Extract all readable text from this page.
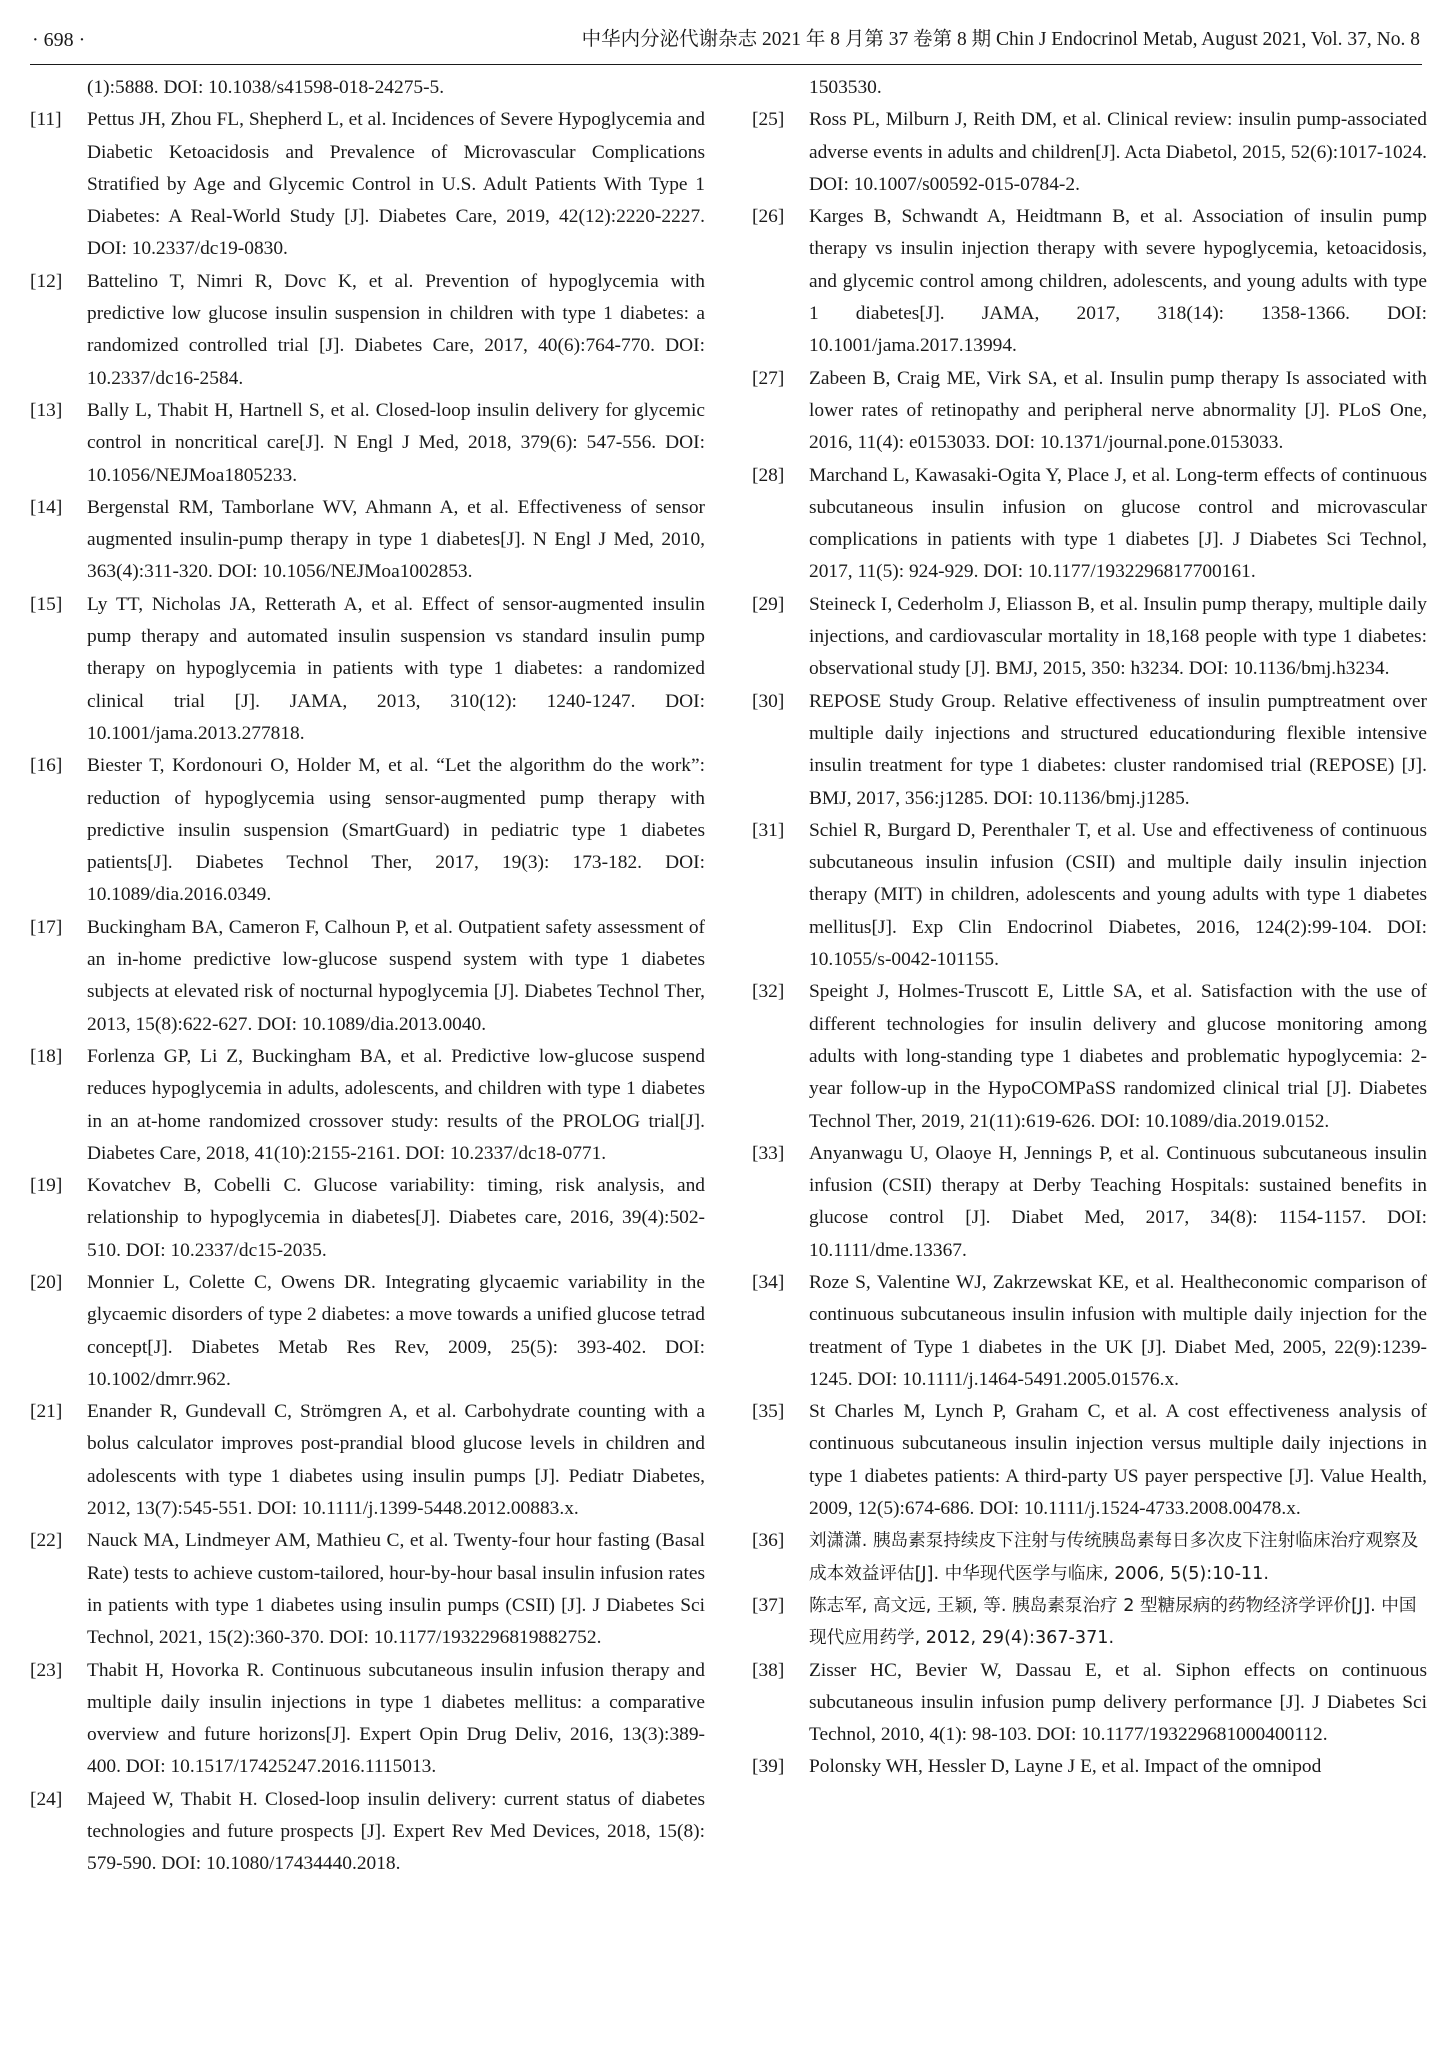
· 698 ·	中华内分泌代谢杂志 2021 年 8 月第 37 卷第 8 期 Chin J Endocrinol Metab, August 2021, Vol. 37, No. 8
(1):5888. DOI: 10.1038/s41598-018-24275-5.
[11] Pettus JH, Zhou FL, Shepherd L, et al. Incidences of Severe Hypoglycemia and Diabetic Ketoacidosis and Prevalence of Microvascular Complications Stratified by Age and Glycemic Control in U.S. Adult Patients With Type 1 Diabetes: A Real-World Study [J]. Diabetes Care, 2019, 42(12):2220-2227. DOI: 10.2337/dc19-0830.
[12] Battelino T, Nimri R, Dovc K, et al. Prevention of hypoglycemia with predictive low glucose insulin suspension in children with type 1 diabetes: a randomized controlled trial [J]. Diabetes Care, 2017, 40(6):764-770. DOI: 10.2337/dc16-2584.
[13] Bally L, Thabit H, Hartnell S, et al. Closed-loop insulin delivery for glycemic control in noncritical care[J]. N Engl J Med, 2018, 379(6): 547-556. DOI: 10.1056/NEJMoa1805233.
[14] Bergenstal RM, Tamborlane WV, Ahmann A, et al. Effectiveness of sensor augmented insulin-pump therapy in type 1 diabetes[J]. N Engl J Med, 2010, 363(4):311-320. DOI: 10.1056/NEJMoa1002853.
[15] Ly TT, Nicholas JA, Retterath A, et al. Effect of sensor-augmented insulin pump therapy and automated insulin suspension vs standard insulin pump therapy on hypoglycemia in patients with type 1 diabetes: a randomized clinical trial [J]. JAMA, 2013, 310(12): 1240-1247. DOI: 10.1001/jama.2013.277818.
[16] Biester T, Kordonouri O, Holder M, et al. “Let the algorithm do the work”: reduction of hypoglycemia using sensor-augmented pump therapy with predictive insulin suspension (SmartGuard) in pediatric type 1 diabetes patients[J]. Diabetes Technol Ther, 2017, 19(3): 173-182. DOI: 10.1089/dia.2016.0349.
[17] Buckingham BA, Cameron F, Calhoun P, et al. Outpatient safety assessment of an in-home predictive low-glucose suspend system with type 1 diabetes subjects at elevated risk of nocturnal hypoglycemia [J]. Diabetes Technol Ther, 2013, 15(8):622-627. DOI: 10.1089/dia.2013.0040.
[18] Forlenza GP, Li Z, Buckingham BA, et al. Predictive low-glucose suspend reduces hypoglycemia in adults, adolescents, and children with type 1 diabetes in an at-home randomized crossover study: results of the PROLOG trial[J]. Diabetes Care, 2018, 41(10):2155-2161. DOI: 10.2337/dc18-0771.
[19] Kovatchev B, Cobelli C. Glucose variability: timing, risk analysis, and relationship to hypoglycemia in diabetes[J]. Diabetes care, 2016, 39(4):502-510. DOI: 10.2337/dc15-2035.
[20] Monnier L, Colette C, Owens DR. Integrating glycaemic variability in the glycaemic disorders of type 2 diabetes: a move towards a unified glucose tetrad concept[J]. Diabetes Metab Res Rev, 2009, 25(5): 393-402. DOI: 10.1002/dmrr.962.
[21] Enander R, Gundevall C, Strömgren A, et al. Carbohydrate counting with a bolus calculator improves post-prandial blood glucose levels in children and adolescents with type 1 diabetes using insulin pumps [J]. Pediatr Diabetes, 2012, 13(7):545-551. DOI: 10.1111/j.1399-5448.2012.00883.x.
[22] Nauck MA, Lindmeyer AM, Mathieu C, et al. Twenty-four hour fasting (Basal Rate) tests to achieve custom-tailored, hour-by-hour basal insulin infusion rates in patients with type 1 diabetes using insulin pumps (CSII) [J]. J Diabetes Sci Technol, 2021, 15(2):360-370. DOI: 10.1177/1932296819882752.
[23] Thabit H, Hovorka R. Continuous subcutaneous insulin infusion therapy and multiple daily insulin injections in type 1 diabetes mellitus: a comparative overview and future horizons[J]. Expert Opin Drug Deliv, 2016, 13(3):389-400. DOI: 10.1517/17425247.2016.1115013.
[24] Majeed W, Thabit H. Closed-loop insulin delivery: current status of diabetes technologies and future prospects [J]. Expert Rev Med Devices, 2018, 15(8): 579-590. DOI: 10.1080/17434440.2018.
1503530.
[25] Ross PL, Milburn J, Reith DM, et al. Clinical review: insulin pump-associated adverse events in adults and children[J]. Acta Diabetol, 2015, 52(6):1017-1024. DOI: 10.1007/s00592-015-0784-2.
[26] Karges B, Schwandt A, Heidtmann B, et al. Association of insulin pump therapy vs insulin injection therapy with severe hypoglycemia, ketoacidosis, and glycemic control among children, adolescents, and young adults with type 1 diabetes[J]. JAMA, 2017, 318(14): 1358-1366. DOI: 10.1001/jama.2017.13994.
[27] Zabeen B, Craig ME, Virk SA, et al. Insulin pump therapy Is associated with lower rates of retinopathy and peripheral nerve abnormality [J]. PLoS One, 2016, 11(4): e0153033. DOI: 10.1371/journal.pone.0153033.
[28] Marchand L, Kawasaki-Ogita Y, Place J, et al. Long-term effects of continuous subcutaneous insulin infusion on glucose control and microvascular complications in patients with type 1 diabetes [J]. J Diabetes Sci Technol, 2017, 11(5): 924-929. DOI: 10.1177/1932296817700161.
[29] Steineck I, Cederholm J, Eliasson B, et al. Insulin pump therapy, multiple daily injections, and cardiovascular mortality in 18,168 people with type 1 diabetes: observational study [J]. BMJ, 2015, 350: h3234. DOI: 10.1136/bmj.h3234.
[30] REPOSE Study Group. Relative effectiveness of insulin pumptreatment over multiple daily injections and structured educationduring flexible intensive insulin treatment for type 1 diabetes: cluster randomised trial (REPOSE) [J]. BMJ, 2017, 356:j1285. DOI: 10.1136/bmj.j1285.
[31] Schiel R, Burgard D, Perenthaler T, et al. Use and effectiveness of continuous subcutaneous insulin infusion (CSII) and multiple daily insulin injection therapy (MIT) in children, adolescents and young adults with type 1 diabetes mellitus[J]. Exp Clin Endocrinol Diabetes, 2016, 124(2):99-104. DOI: 10.1055/s-0042-101155.
[32] Speight J, Holmes-Truscott E, Little SA, et al. Satisfaction with the use of different technologies for insulin delivery and glucose monitoring among adults with long-standing type 1 diabetes and problematic hypoglycemia: 2-year follow-up in the HypoCOMPaSS randomized clinical trial [J]. Diabetes Technol Ther, 2019, 21(11):619-626. DOI: 10.1089/dia.2019.0152.
[33] Anyanwagu U, Olaoye H, Jennings P, et al. Continuous subcutaneous insulin infusion (CSII) therapy at Derby Teaching Hospitals: sustained benefits in glucose control [J]. Diabet Med, 2017, 34(8): 1154-1157. DOI: 10.1111/dme.13367.
[34] Roze S, Valentine WJ, Zakrzewskat KE, et al. Healtheconomic comparison of continuous subcutaneous insulin infusion with multiple daily injection for the treatment of Type 1 diabetes in the UK [J]. Diabet Med, 2005, 22(9):1239-1245. DOI: 10.1111/j.1464-5491.2005.01576.x.
[35] St Charles M, Lynch P, Graham C, et al. A cost effectiveness analysis of continuous subcutaneous insulin injection versus multiple daily injections in type 1 diabetes patients: A third-party US payer perspective [J]. Value Health, 2009, 12(5):674-686. DOI: 10.1111/j.1524-4733.2008.00478.x.
[36] 刘潇潇. 胰岛素泵持续皮下注射与传统胰岛素每日多次皮下注射临床治疗观察及成本效益评估[J]. 中华现代医学与临床, 2006, 5(5):10-11.
[37] 陈志军, 高文远, 王颖, 等. 胰岛素泵治疗 2 型糖尿病的药物经济学评价[J]. 中国现代应用药学, 2012, 29(4):367-371.
[38] Zisser HC, Bevier W, Dassau E, et al. Siphon effects on continuous subcutaneous insulin infusion pump delivery performance [J]. J Diabetes Sci Technol, 2010, 4(1): 98-103. DOI: 10.1177/193229681000400112.
[39] Polonsky WH, Hessler D, Layne J E, et al. Impact of the omnipod
